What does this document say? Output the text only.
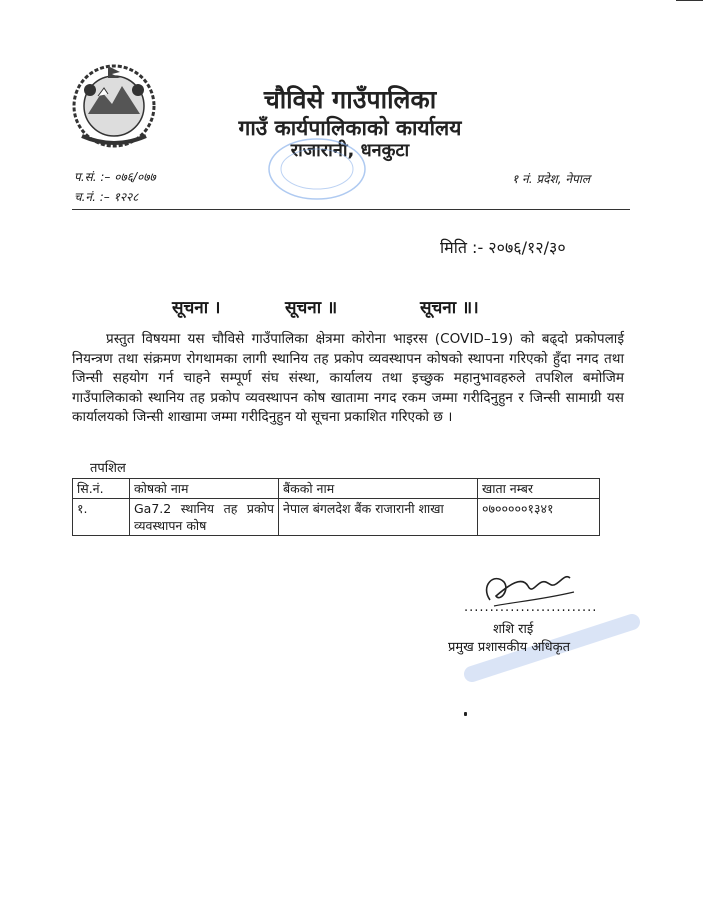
चौविसे गाउँपालिका
गाउँ कार्यपालिकाको कार्यालय
राजारानी, धनकुटा
प.सं. :– ०७६/०७७
च.नं. :– १२२८
१ नं. प्रदेश, नेपाल
मिति :- २०७६/१२/३०
सूचना ।	सूचना ॥	सूचना ॥।
प्रस्तुत विषयमा यस चौविसे गाउँपालिका क्षेत्रमा कोरोना भाइरस (COVID–19) को बढ्दो प्रकोपलाई नियन्त्रण तथा संक्रमण रोगथामका लागी स्थानिय तह प्रकोप व्यवस्थापन कोषको स्थापना गरिएको हुँदा नगद तथा जिन्सी सहयोग गर्न चाहने सम्पूर्ण संघ संस्था, कार्यालय तथा इच्छुक महानुभावहरुले तपशिल बमोजिम गाउँपालिकाको स्थानिय तह प्रकोप व्यवस्थापन कोष खातामा नगद रकम जम्मा गरीदिनुहुन र जिन्सी सामाग्री यस कार्यालयको जिन्सी शाखामा जम्मा गरीदिनुहुन यो सूचना प्रकाशित गरिएको छ ।
तपशिल
सि.नं.	कोषको नाम	बैंकको नाम	खाता नम्बर
१.	Ga7.2 स्थानिय तह प्रकोप व्यवस्थापन कोष	नेपाल बंगलदेश बैंक राजारानी शाखा	०७०००००१३४१
..........................
शशि राई
प्रमुख प्रशासकीय अधिकृत
